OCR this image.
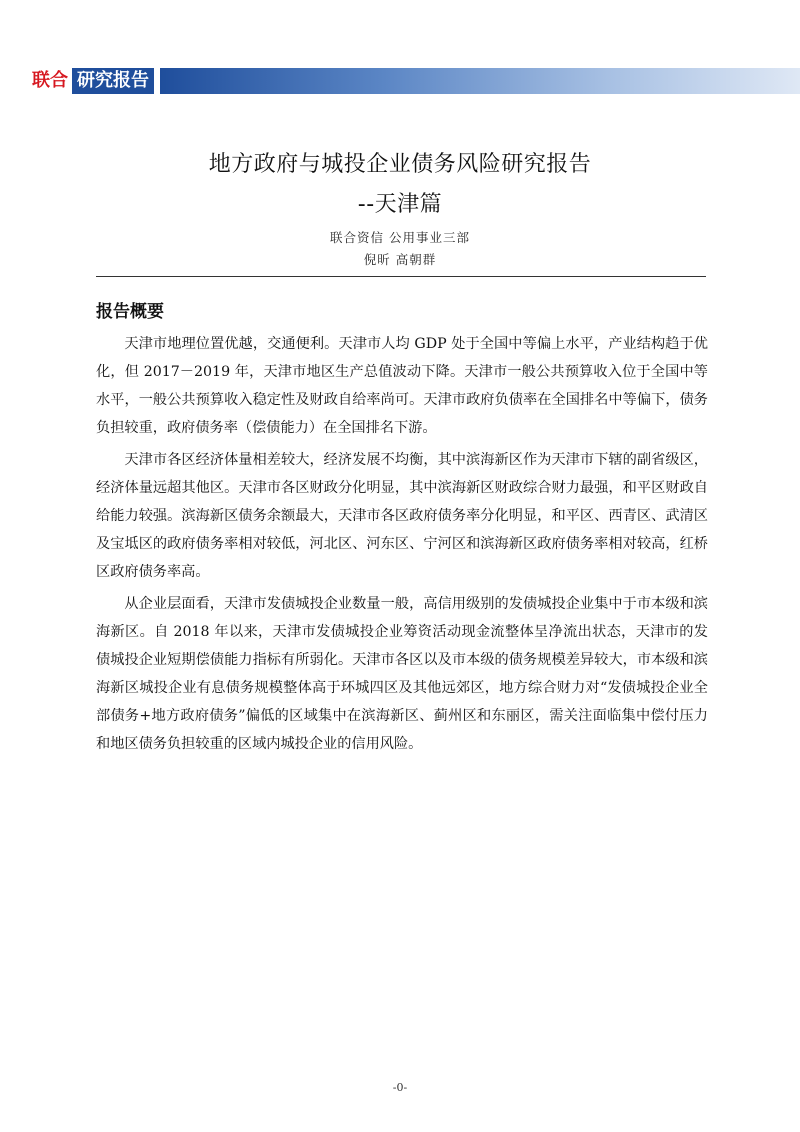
联合 研究报告
地方政府与城投企业债务风险研究报告
--天津篇
联合资信 公用事业三部
倪昕 高朝群
报告概要

天津市地理位置优越，交通便利。天津市人均 GDP 处于全国中等偏上水平，产业结构趋于优化，但 2017－2019 年，天津市地区生产总值波动下降。天津市一般公共预算收入位于全国中等水平，一般公共预算收入稳定性及财政自给率尚可。天津市政府负债率在全国排名中等偏下，债务负担较重，政府债务率（偿债能力）在全国排名下游。

天津市各区经济体量相差较大，经济发展不均衡，其中滨海新区作为天津市下辖的副省级区，经济体量远超其他区。天津市各区财政分化明显，其中滨海新区财政综合财力最强，和平区财政自给能力较强。滨海新区债务余额最大，天津市各区政府债务率分化明显，和平区、西青区、武清区及宝坻区的政府债务率相对较低，河北区、河东区、宁河区和滨海新区政府债务率相对较高，红桥区政府债务率高。

从企业层面看，天津市发债城投企业数量一般，高信用级别的发债城投企业集中于市本级和滨海新区。自 2018 年以来，天津市发债城投企业筹资活动现金流整体呈净流出状态，天津市的发债城投企业短期偿债能力指标有所弱化。天津市各区以及市本级的债务规模差异较大，市本级和滨海新区城投企业有息债务规模整体高于环城四区及其他远郊区，地方综合财力对“发债城投企业全部债务+地方政府债务”偏低的区域集中在滨海新区、蓟州区和东丽区，需关注面临集中偿付压力和地区债务负担较重的区域内城投企业的信用风险。

-0-
